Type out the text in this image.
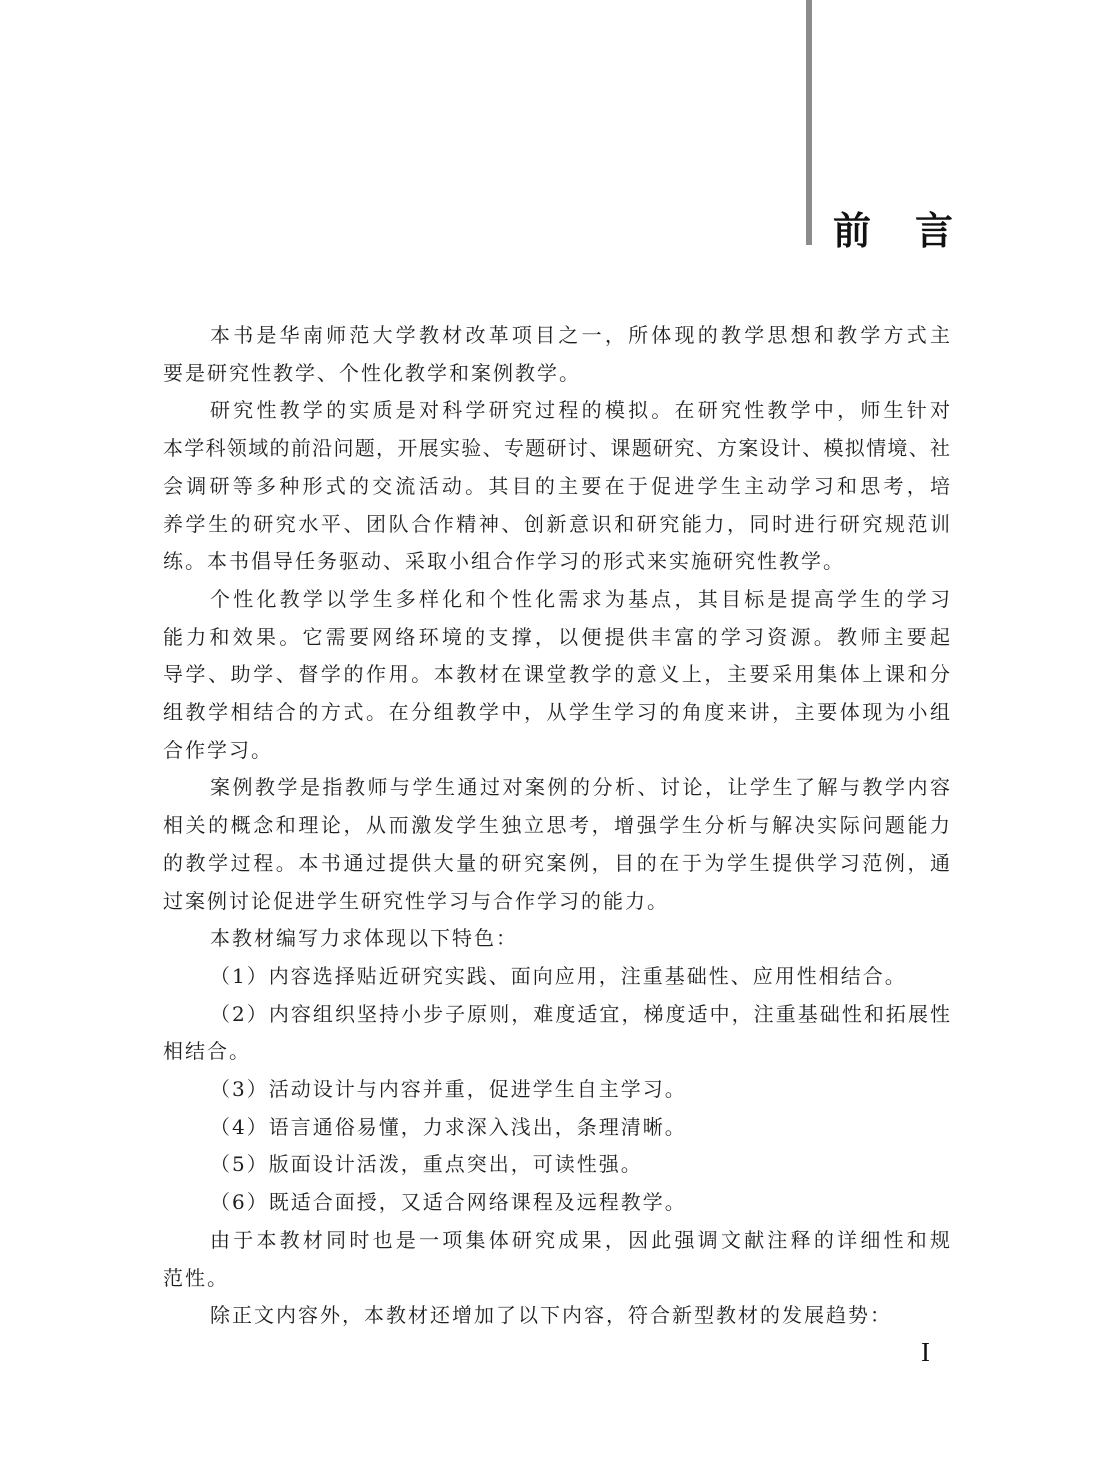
前言
本书是华南师范大学教材改革项目之一，所体现的教学思想和教学方式主
要是研究性教学、个性化教学和案例教学。
研究性教学的实质是对科学研究过程的模拟。在研究性教学中，师生针对
本学科领域的前沿问题，开展实验、专题研讨、课题研究、方案设计、模拟情境、社
会调研等多种形式的交流活动。其目的主要在于促进学生主动学习和思考，培
养学生的研究水平、团队合作精神、创新意识和研究能力，同时进行研究规范训
练。本书倡导任务驱动、采取小组合作学习的形式来实施研究性教学。
个性化教学以学生多样化和个性化需求为基点，其目标是提高学生的学习
能力和效果。它需要网络环境的支撑，以便提供丰富的学习资源。教师主要起
导学、助学、督学的作用。本教材在课堂教学的意义上，主要采用集体上课和分
组教学相结合的方式。在分组教学中，从学生学习的角度来讲，主要体现为小组
合作学习。
案例教学是指教师与学生通过对案例的分析、讨论，让学生了解与教学内容
相关的概念和理论，从而激发学生独立思考，增强学生分析与解决实际问题能力
的教学过程。本书通过提供大量的研究案例，目的在于为学生提供学习范例，通
过案例讨论促进学生研究性学习与合作学习的能力。
本教材编写力求体现以下特色：
（1）内容选择贴近研究实践、面向应用，注重基础性、应用性相结合。
（2）内容组织坚持小步子原则，难度适宜，梯度适中，注重基础性和拓展性
相结合。
（3）活动设计与内容并重，促进学生自主学习。
（4）语言通俗易懂，力求深入浅出，条理清晰。
（5）版面设计活泼，重点突出，可读性强。
（6）既适合面授，又适合网络课程及远程教学。
由于本教材同时也是一项集体研究成果，因此强调文献注释的详细性和规
范性。
除正文内容外，本教材还增加了以下内容，符合新型教材的发展趋势：
I
